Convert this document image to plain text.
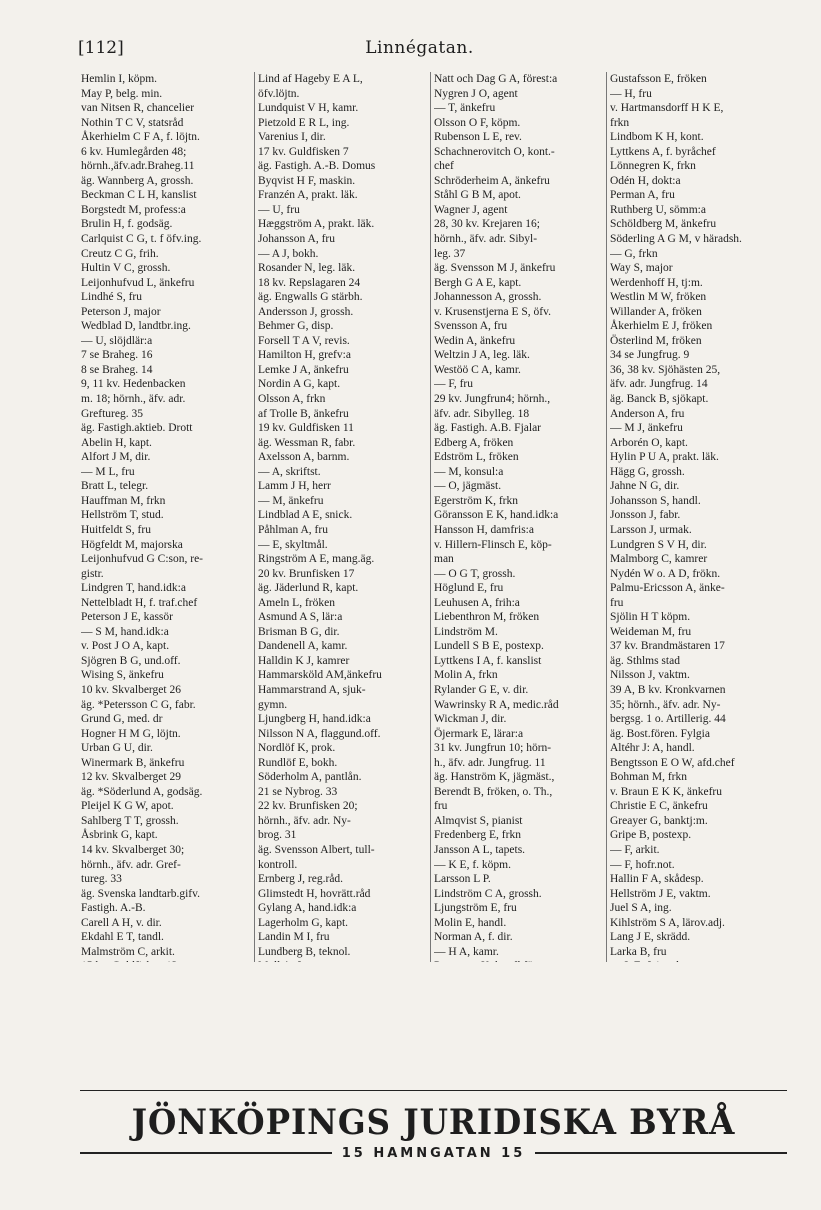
[112]	Linnégatan.
Hemlin I, köpm.
May P, belg. min.
van Nitsen R, chancelier
Nothin T C V, statsråd
Åkerhielm C F A, f. löjtn.
6 kv. Humlegården 48;
hörnh.,äfv.adr.Braheg.11
äg. Wannberg A, grossh.
Beckman C L H, kanslist
Borgstedt M, profess:a
Brulin H, f. godsäg.
Carlquist C G, t. f öfv.ing.
Creutz C G, frih.
Hultin V C, grossh.
Leijonhufvud L, änkefru
Lindhé S, fru
Peterson J, major
Wedblad D, landtbr.ing.
— U, slöjdlär:a
7 se Braheg. 16
8 se Braheg. 14
9, 11 kv. Hedenbacken
m. 18; hörnh., äfv. adr.
Greftureg. 35
äg. Fastigh.aktieb. Drott
Abelin H, kapt.
Alfort J M, dir.
— M L, fru
Bratt L, telegr.
Hauffman M, frkn
Hellström T, stud.
Huitfeldt S, fru
Högfeldt M, majorska
Leijonhufvud G C:son, re-
gistr.
Lindgren T, hand.idk:a
Nettelbladt H, f. traf.chef
Peterson J E, kassör
— S M, hand.idk:a
v. Post J O A, kapt.
Sjögren B G, und.off.
Wising S, änkefru
10 kv. Skvalberget 26
äg. *Petersson C G, fabr.
Grund G, med. dr
Hogner H M G, löjtn.
Urban G U, dir.
Winermark B, änkefru
12 kv. Skvalberget 29
äg. *Söderlund A, godsäg.
Pleijel K G W, apot.
Sahlberg T T, grossh.
Åsbrink G, kapt.
14 kv. Skvalberget 30;
hörnh., äfv. adr. Gref-
tureg. 33
äg. Svenska landtarb.gifv.
Fastigh. A.-B.
Carell A H, v. dir.
Ekdahl E T, tandl.
Malmström C, arkit.
Lind af Hageby E A L,
öfv.löjtn.
Lundquist V H, kamr.
Pietzold E R L, ing.
Varenius I, dir.
17 kv. Guldfisken 7
äg. Fastigh. A.-B. Domus
Byqvist H F, maskin.
Franzén A, prakt. läk.
— U, fru
Hæggström A, prakt. läk.
Johansson A, fru
— A J, bokh.
Rosander N, leg. läk.
18 kv. Repslagaren 24
äg. Engwalls G stärbh.
Andersson J, grossh.
Behmer G, disp.
Forsell T A V, revis.
Hamilton H, grefv:a
Lemke J A, änkefru
Nordin A G, kapt.
Olsson A, frkn
af Trolle B, änkefru
19 kv. Guldfisken 11
äg. Wessman R, fabr.
Axelsson A, barnm.
— A, skriftst.
Lamm J H, herr
— M, änkefru
Lindblad A E, snick.
Påhlman A, fru
— E, skyltmål.
Ringström A E, mang.äg.
20 kv. Brunfisken 17
äg. Jäderlund R, kapt.
Ameln L, fröken
Asmund A S, lär:a
Brisman B G, dir.
Dandenell A, kamr.
Halldin K J, kamrer
Hammarsköld AM,änkefru
Hammarstrand A, sjuk-
gymn.
Ljungberg H, hand.idk:a
Nilsson N A, flaggund.off.
Nordlöf K, prok.
Rundlöf E, bokh.
Söderholm A, pantlån.
21 se Nybrog. 33
22 kv. Brunfisken 20;
hörnh., äfv. adr. Ny-
brog. 31
äg. Svensson Albert, tull-
kontroll.
Ernberg J, reg.råd.
Glimstedt H, hovrätt.råd
Gylang A, hand.idk:a
Lagerholm G, kapt.
Landin M I, fru
Lundberg B, teknol.
Natt och Dag G A, förest:a
Nygren J O, agent
— T, änkefru
Olsson O F, köpm.
Rubenson L E, rev.
Schachnerovitch O, kont.-
chef
Schröderheim A, änkefru
Ståhl G B M, apot.
Wagner J, agent
28, 30 kv. Krejaren 16;
hörnh., äfv. adr. Sibyl-
leg. 37
äg. Svensson M J, änkefru
Bergh G A E, kapt.
Johannesson A, grossh.
v. Krusenstjerna E S, öfv.
Svensson A, fru
Wedin A, änkefru
Weltzin J A, leg. läk.
Westöö C A, kamr.
— F, fru
29 kv. Jungfrun4; hörnh.,
äfv. adr. Sibylleg. 18
äg. Fastigh. A.B. Fjalar
Edberg A, fröken
Edström L, fröken
— M, konsul:a
— O, jägmäst.
Egerström K, frkn
Göransson E K, hand.idk:a
Hansson H, damfris:a
v. Hillern-Flinsch E, köp-
man
— O G T, grossh.
Höglund E, fru
Leuhusen A, frih:a
Liebenthron M, fröken
Lindström M.
Lundell S B E, postexp.
Lyttkens I A, f. kanslist
Molin A, frkn
Rylander G E, v. dir.
Wawrinsky R A, medic.råd
Wickman J, dir.
Öjermark E, lärar:a
31 kv. Jungfrun 10; hörn-
h., äfv. adr. Jungfrug. 11
äg. Hanström K, jägmäst.,
Berendt B, fröken, o. Th.,
fru
Almqvist S, pianist
Fredenberg E, frkn
Jansson A L, tapets.
— K E, f. köpm.
Larsson L P.
Lindström C A, grossh.
Ljungström E, fru
Molin E, handl.
Norman A, f. dir.
— H A, kamr.
Gustafsson E, fröken
— H, fru
v. Hartmansdorff H K E,
frkn
Lindbom K H, kont.
Lyttkens A, f. byråchef
Lönnegren K, frkn
Odén H, dokt:a
Perman A, fru
Ruthberg U, sömm:a
Schöldberg M, änkefru
Söderling A G M, v häradsh.
— G, frkn
Way S, major
Werdenhoff H, tj:m.
Westlin M W, fröken
Willander A, fröken
Åkerhielm E J, fröken
Österlind M, fröken
34 se Jungfrug. 9
36, 38 kv. Sjöhästen 25,
äfv. adr. Jungfrug. 14
äg. Banck B, sjökapt.
Anderson A, fru
— M J, änkefru
Arborén O, kapt.
Hylin P U A, prakt. läk.
Hägg G, grossh.
Jahne N G, dir.
Johansson S, handl.
Jonsson J, fabr.
Larsson J, urmak.
Lundgren S V H, dir.
Malmborg C, kamrer
Nydén W o. A D, frökn.
Palmu-Ericsson A, änke-
fru
Sjölin H T köpm.
Weideman M, fru
37 kv. Brandmästaren 17
äg. Sthlms stad
Nilsson J, vaktm.
39 A, B kv. Kronkvarnen
35; hörnh., äfv. adr. Ny-
bergsg. 1 o. Artillerig. 44
äg. Bost.fören. Fylgia
Altéhr J: A, handl.
Bengtsson E O W, afd.chef
Bohman M, frkn
v. Braun E K K, änkefru
Christie E C, änkefru
Greayer G, banktj:m.
Gripe B, postexp.
— F, arkit.
— F, hofr.not.
Hallin F A, skådesp.
Hellström J E, vaktm.
Juel S A, ing.
Kihlström S A, lärov.adj.
Lang J E, skrädd.
Larka B, fru
JÖNKÖPINGS JURIDISKA BYRÅ
15 HAMNGATAN 15
